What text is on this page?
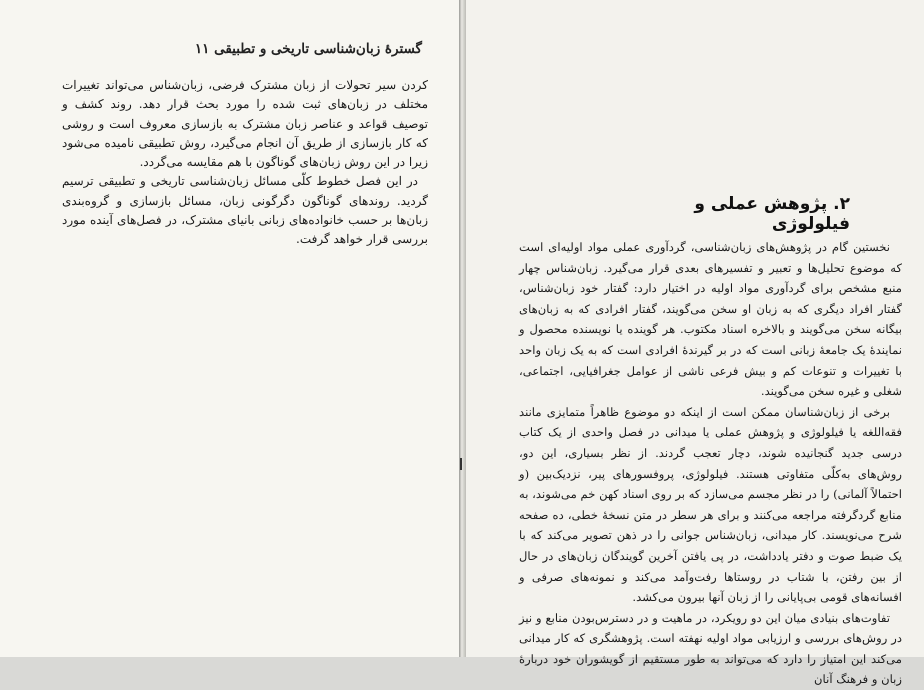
گسترهٔ زبان‌شناسی تاریخی و تطبیقی ۱۱

کردن سیر تحولات از زبان مشترک فرضی، زبان‌شناس می‌تواند تغییرات مختلف در زبان‌های ثبت شده را مورد بحث قرار دهد. روند کشف و توصیف قواعد و عناصر زبان مشترک به بازسازی معروف است و روشی که کار بازسازی از طریق آن انجام می‌گیرد، روش تطبیقی نامیده می‌شود زیرا در این روش زبان‌های گوناگون با هم مقایسه می‌گردد.

در این فصل خطوط کلّی مسائل زبان‌شناسی تاریخی و تطبیقی ترسیم گردید. روندهای گوناگون دگرگونی زبان، مسائل بازسازی و گروه‌بندی زبان‌ها بر حسب خانواده‌های زبانی بانیای مشترک، در فصل‌های آینده مورد بررسی قرار خواهد گرفت.

۲. پژوهش عملی و فیلولوژی

نخستین گام در پژوهش‌های زبان‌شناسی، گردآوری عملی مواد اولیه‌ای است که موضوع تحلیل‌ها و تعبیر و تفسیرهای بعدی قرار می‌گیرد. زبان‌شناس چهار منبع مشخص برای گردآوری مواد اولیه در اختیار دارد: گفتار خود زبان‌شناس، گفتار افراد دیگری که به زبان او سخن می‌گویند، گفتار افرادی که به زبان‌های بیگانه سخن می‌گویند و بالاخره اسناد مکتوب. هر گوینده یا نویسنده محصول و نمایندهٔ یک جامعهٔ زبانی است که در بر گیرندهٔ افرادی است که به یک زبان واحد با تغییرات و تنوعات کم و بیش فرعی ناشی از عوامل جغرافیایی، اجتماعی، شغلی و غیره سخن می‌گویند.

برخی از زبان‌شناسان ممکن است از اینکه دو موضوع ظاهراً متمایزی مانند فقه‌اللغه یا فیلولوژی و پژوهش عملی یا میدانی در فصل واحدی از یک کتاب درسی جدید گنجانیده شوند، دچار تعجب گردند. از نظر بسیاری، این دو، روش‌های به‌کلّی متفاوتی هستند. فیلولوژی، پروفسورهای پیر، نزدیک‌بین (و احتمالاً آلمانی) را در نظر مجسم می‌سازد که بر روی اسناد کهن خم می‌شوند، به منابع گردگرفته مراجعه می‌کنند و برای هر سطر در متن نسخهٔ خطی، ده صفحه شرح می‌نویسند. کار میدانی، زبان‌شناس جوانی را در ذهن تصویر می‌کند که با یک ضبط صوت و دفتر یادداشت، در پی یافتن آخرین گویندگان زبان‌های در حال از بین رفتن، با شتاب در روستاها رفت‌وآمد می‌کند و نمونه‌های صرفی و افسانه‌های قومی بی‌پایانی را از زبان آنها بیرون می‌کشد.

تفاوت‌های بنیادی میان این دو رویکرد، در ماهیت و در دسترس‌بودن منابع و نیز در روش‌های بررسی و ارزیابی مواد اولیه نهفته است. پژوهشگری که کار میدانی می‌کند این امتیاز را دارد که می‌تواند به طور مستقیم از گویشوران خود دربارهٔ زبان و فرهنگ آنان
